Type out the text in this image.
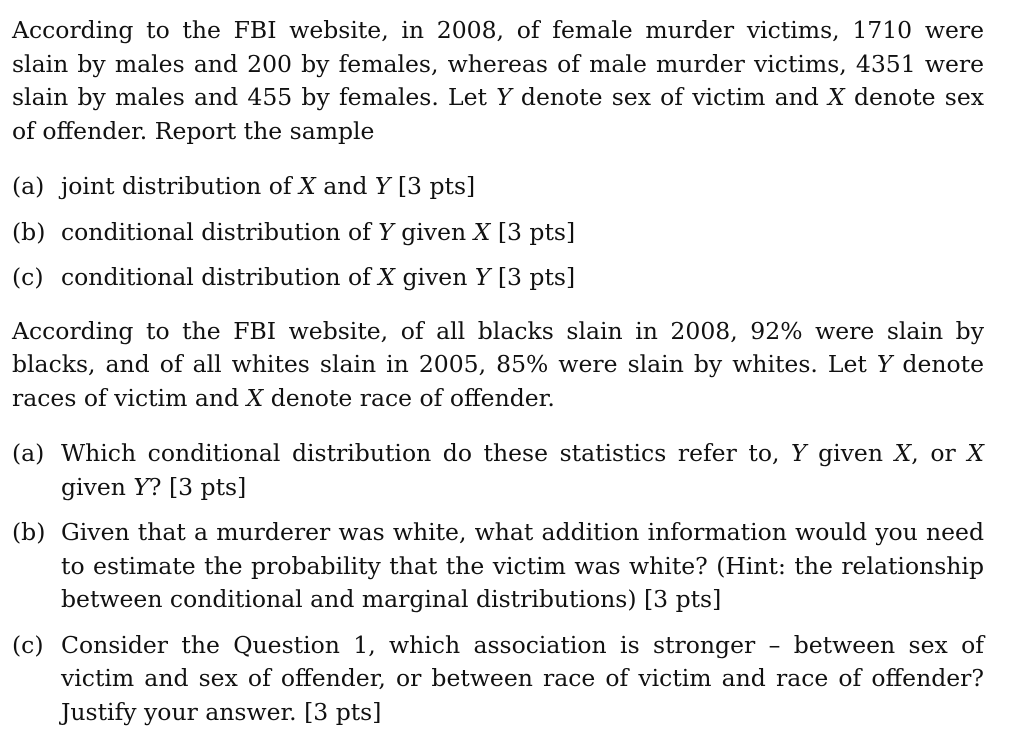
According to the FBI website, in 2008, of female murder victims, 1710 were slain by males and 200 by females, whereas of male murder victims, 4351 were slain by males and 455 by females. Let Y denote sex of victim and X denote sex of offender. Report the sample

(a) joint distribution of X and Y [3 pts]
(b) conditional distribution of Y given X [3 pts]
(c) conditional distribution of X given Y [3 pts]

According to the FBI website, of all blacks slain in 2008, 92% were slain by blacks, and of all whites slain in 2005, 85% were slain by whites. Let Y denote races of victim and X denote race of offender.

(a) Which conditional distribution do these statistics refer to, Y given X, or X given Y? [3 pts]
(b) Given that a murderer was white, what addition information would you need to estimate the probability that the victim was white? (Hint: the relationship between conditional and marginal distributions) [3 pts]
(c) Consider the Question 1, which association is stronger – between sex of victim and sex of offender, or between race of victim and race of offender? Justify your answer. [3 pts]
